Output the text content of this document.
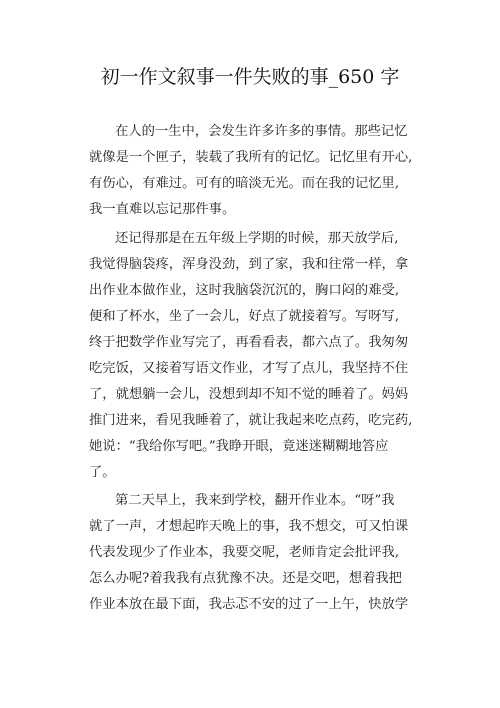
初一作文叙事一件失败的事_650 字
在人的一生中，会发生许多许多的事情。那些记忆
就像是一个匣子，装载了我所有的记忆。记忆里有开心,
有伤心，有难过。可有的暗淡无光。而在我的记忆里,
我一直难以忘记那件事。
还记得那是在五年级上学期的时候，那天放学后,
我觉得脑袋疼，浑身没劲，到了家，我和往常一样，拿
出作业本做作业，这时我脑袋沉沉的，胸口闷的难受,
便和了杯水，坐了一会儿，好点了就接着写。写呀写,
终于把数学作业写完了，再看看表，都六点了。我匆匆
吃完饭，又接着写语文作业，才写了点儿，我坚持不住
了，就想躺一会儿，没想到却不知不觉的睡着了。妈妈
推门进来，看见我睡着了，就让我起来吃点药，吃完药,
她说：“我给你写吧。”我睁开眼，竟迷迷糊糊地答应
了。
第二天早上，我来到学校，翻开作业本。“呀”我
就了一声，才想起昨天晚上的事，我不想交，可又怕课
代表发现少了作业本，我要交呢，老师肯定会批评我,
怎么办呢?着我我有点犹豫不决。还是交吧，想着我把
作业本放在最下面，我忐忑不安的过了一上午，快放学
